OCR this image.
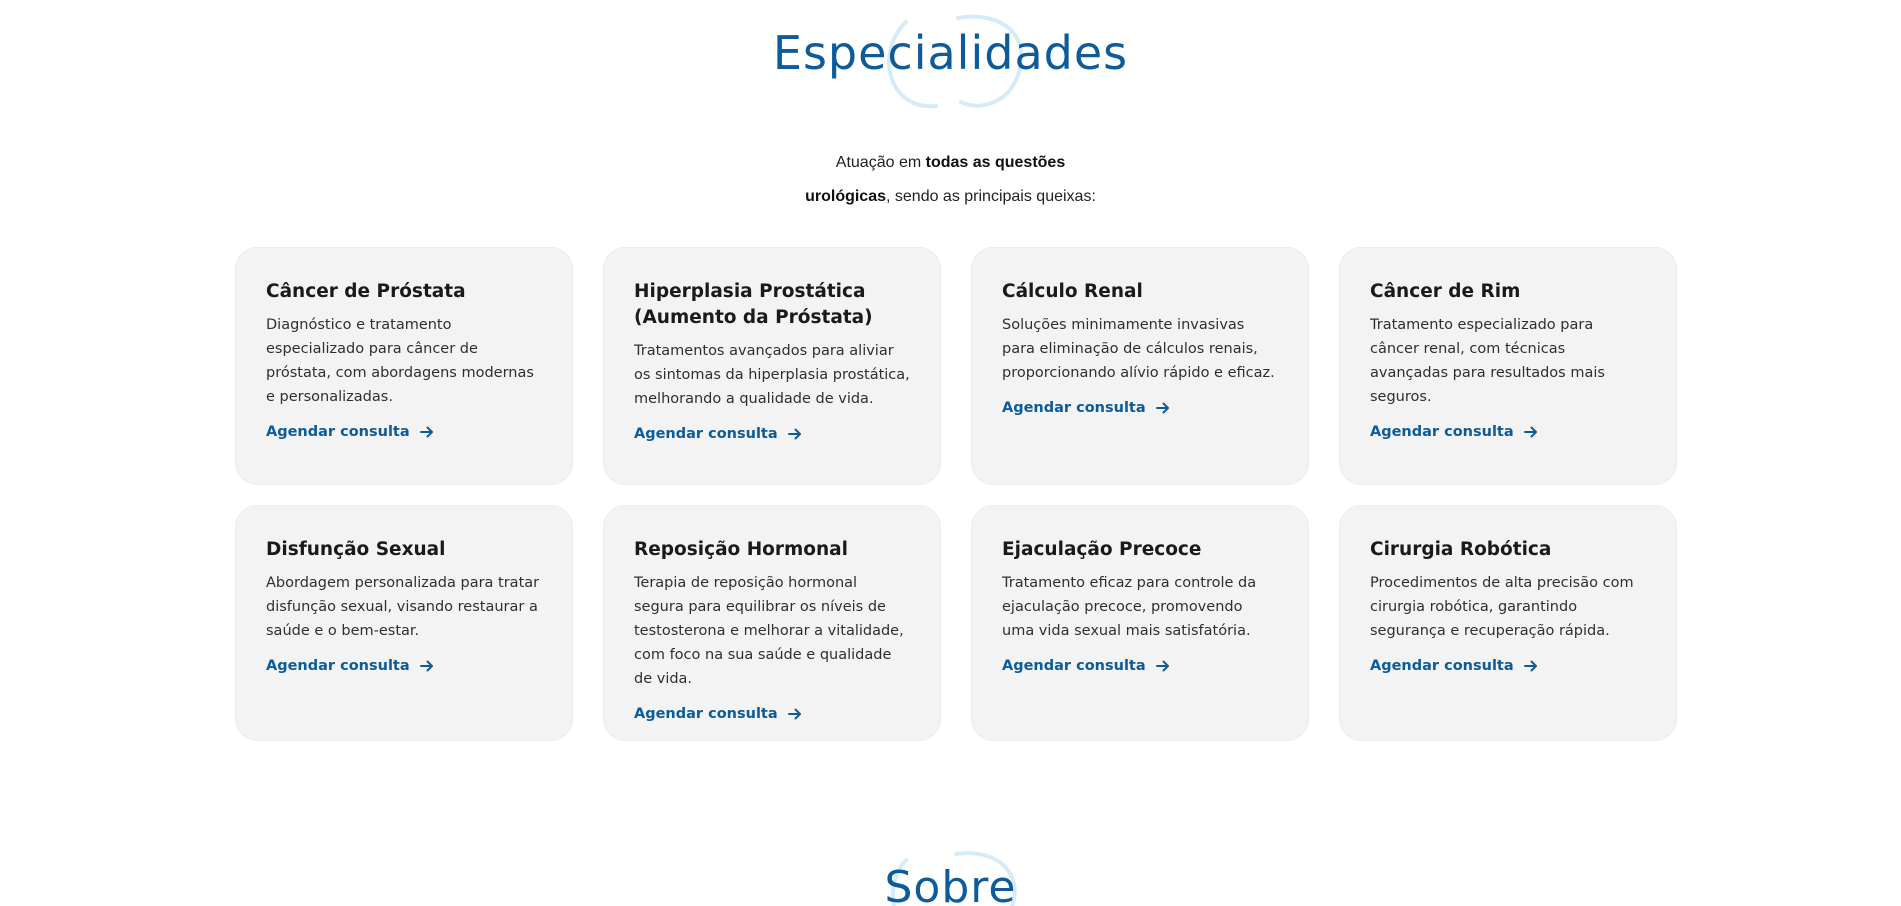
Especialidades
Atuação em todas as questões
urológicas, sendo as principais queixas:
Câncer de Próstata

Diagnóstico e tratamento especializado para câncer de próstata, com abordagens modernas e personalizadas.

Agendar consulta
Hiperplasia Prostática (Aumento da Próstata)

Tratamentos avançados para aliviar os sintomas da hiperplasia prostática, melhorando a qualidade de vida.

Agendar consulta
Cálculo Renal

Soluções minimamente invasivas para eliminação de cálculos renais, proporcionando alívio rápido e eficaz.

Agendar consulta
Câncer de Rim

Tratamento especializado para câncer renal, com técnicas avançadas para resultados mais seguros.

Agendar consulta
Disfunção Sexual

Abordagem personalizada para tratar disfunção sexual, visando restaurar a saúde e o bem-estar.

Agendar consulta
Reposição Hormonal

Terapia de reposição hormonal segura para equilibrar os níveis de testosterona e melhorar a vitalidade, com foco na sua saúde e qualidade de vida.

Agendar consulta
Ejaculação Precoce

Tratamento eficaz para controle da ejaculação precoce, promovendo uma vida sexual mais satisfatória.

Agendar consulta
Cirurgia Robótica

Procedimentos de alta precisão com cirurgia robótica, garantindo segurança e recuperação rápida.

Agendar consulta
Sobre
